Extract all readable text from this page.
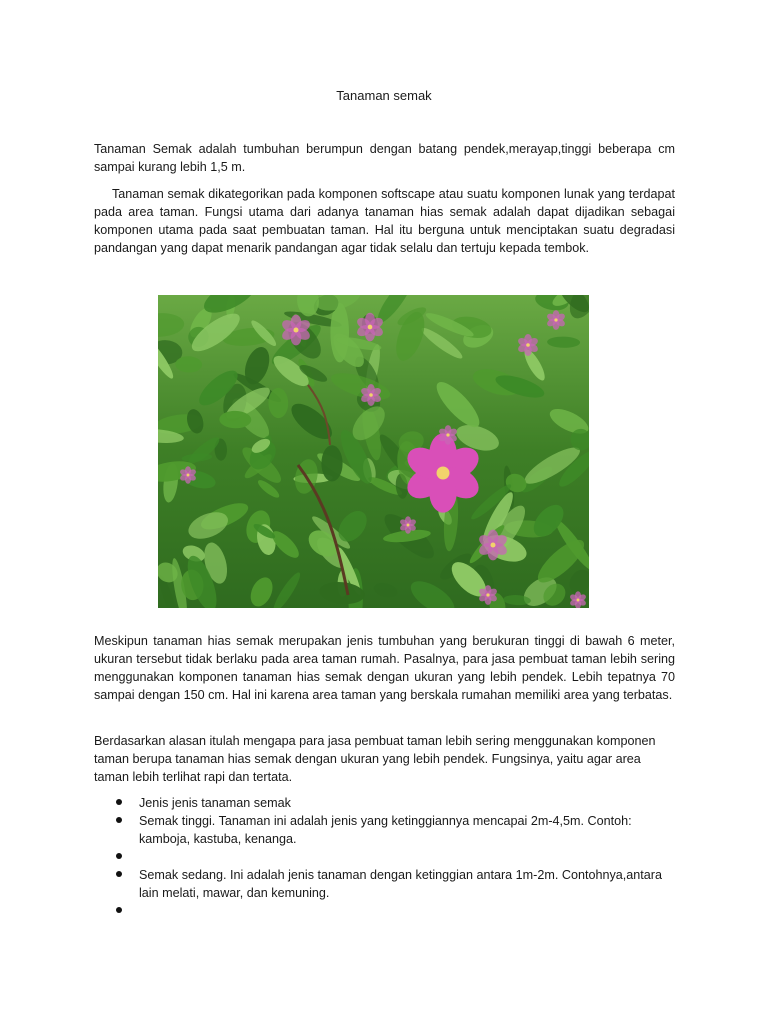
Tanaman semak

Tanaman Semak adalah tumbuhan berumpun dengan batang pendek,merayap,tinggi beberapa cm sampai kurang lebih 1,5 m.

Tanaman semak dikategorikan pada komponen softscape atau suatu komponen lunak yang terdapat pada area taman. Fungsi utama dari adanya tanaman hias semak adalah dapat dijadikan sebagai komponen utama pada saat pembuatan taman. Hal itu berguna untuk menciptakan suatu degradasi pandangan yang dapat menarik pandangan agar tidak selalu dan tertuju kepada tembok.

Meskipun tanaman hias semak merupakan jenis tumbuhan yang berukuran tinggi di bawah 6 meter, ukuran tersebut tidak berlaku pada area taman rumah. Pasalnya, para jasa pembuat taman lebih sering menggunakan komponen tanaman hias semak dengan ukuran yang lebih pendek. Lebih tepatnya 70 sampai dengan 150 cm. Hal ini karena area taman yang berskala rumahan memiliki area yang terbatas.

Berdasarkan alasan itulah mengapa para jasa pembuat taman lebih sering menggunakan komponen taman berupa tanaman hias semak dengan ukuran yang lebih pendek. Fungsinya, yaitu agar area taman lebih terlihat rapi dan tertata.

Jenis jenis tanaman semak
Semak tinggi. Tanaman ini adalah jenis yang ketinggiannya mencapai 2m-4,5m. Contoh: kamboja, kastuba, kenanga.
Semak sedang. Ini adalah jenis tanaman dengan ketinggian antara 1m-2m. Contohnya,antara lain melati, mawar, dan kemuning.
